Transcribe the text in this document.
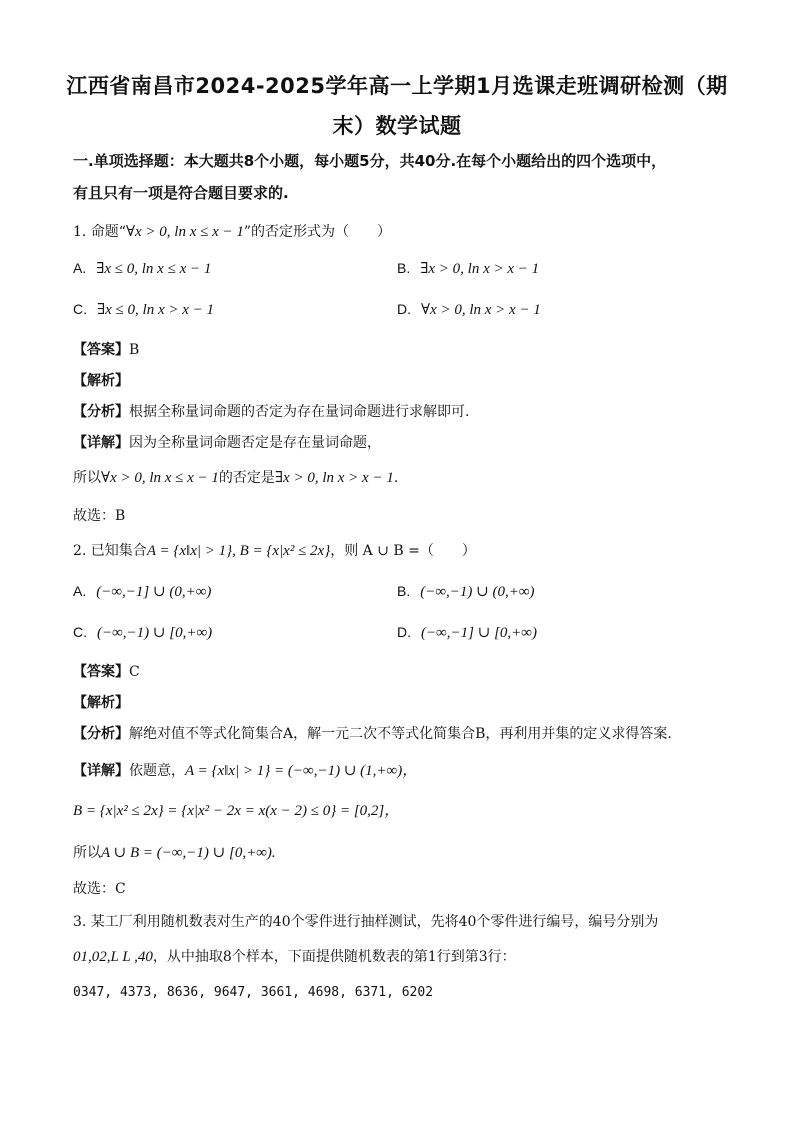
江西省南昌市2024-2025学年高一上学期1月选课走班调研检测（期
末）数学试题
一.单项选择题：本大题共8个小题，每小题5分，共40分.在每个小题给出的四个选项中，
有且只有一项是符合题目要求的.
1. 命题“∀x > 0, ln x ≤ x − 1”的否定形式为（　　）
A. ∃x ≤ 0, ln x ≤ x − 1	B. ∃x > 0, ln x > x − 1
C. ∃x ≤ 0, ln x > x − 1	D. ∀x > 0, ln x > x − 1
【答案】B
【解析】
【分析】根据全称量词命题的否定为存在量词命题进行求解即可.
【详解】因为全称量词命题否定是存在量词命题，
所以∀x > 0, ln x ≤ x − 1的否定是∃x > 0, ln x > x − 1.
故选：B
2. 已知集合A = {x‖x| > 1}, B = {x|x² ≤ 2x}，则 A ∪ B =（　　）
A. (−∞,−1] ∪ (0,+∞)	B. (−∞,−1) ∪ (0,+∞)
C. (−∞,−1) ∪ [0,+∞)	D. (−∞,−1] ∪ [0,+∞)
【答案】C
【解析】
【分析】解绝对值不等式化简集合A，解一元二次不等式化简集合B，再利用并集的定义求得答案.
【详解】依题意，A = {x‖x| > 1} = (−∞,−1) ∪ (1,+∞)，
B = {x|x² ≤ 2x} = {x|x² − 2x = x(x − 2) ≤ 0} = [0,2]，
所以A ∪ B = (−∞,−1) ∪ [0,+∞).
故选：C
3. 某工厂利用随机数表对生产的40个零件进行抽样测试，先将40个零件进行编号，编号分别为
01,02,L L ,40，从中抽取8个样本，下面提供随机数表的第1行到第3行：
0347, 4373, 8636, 9647, 3661, 4698, 6371, 6202
